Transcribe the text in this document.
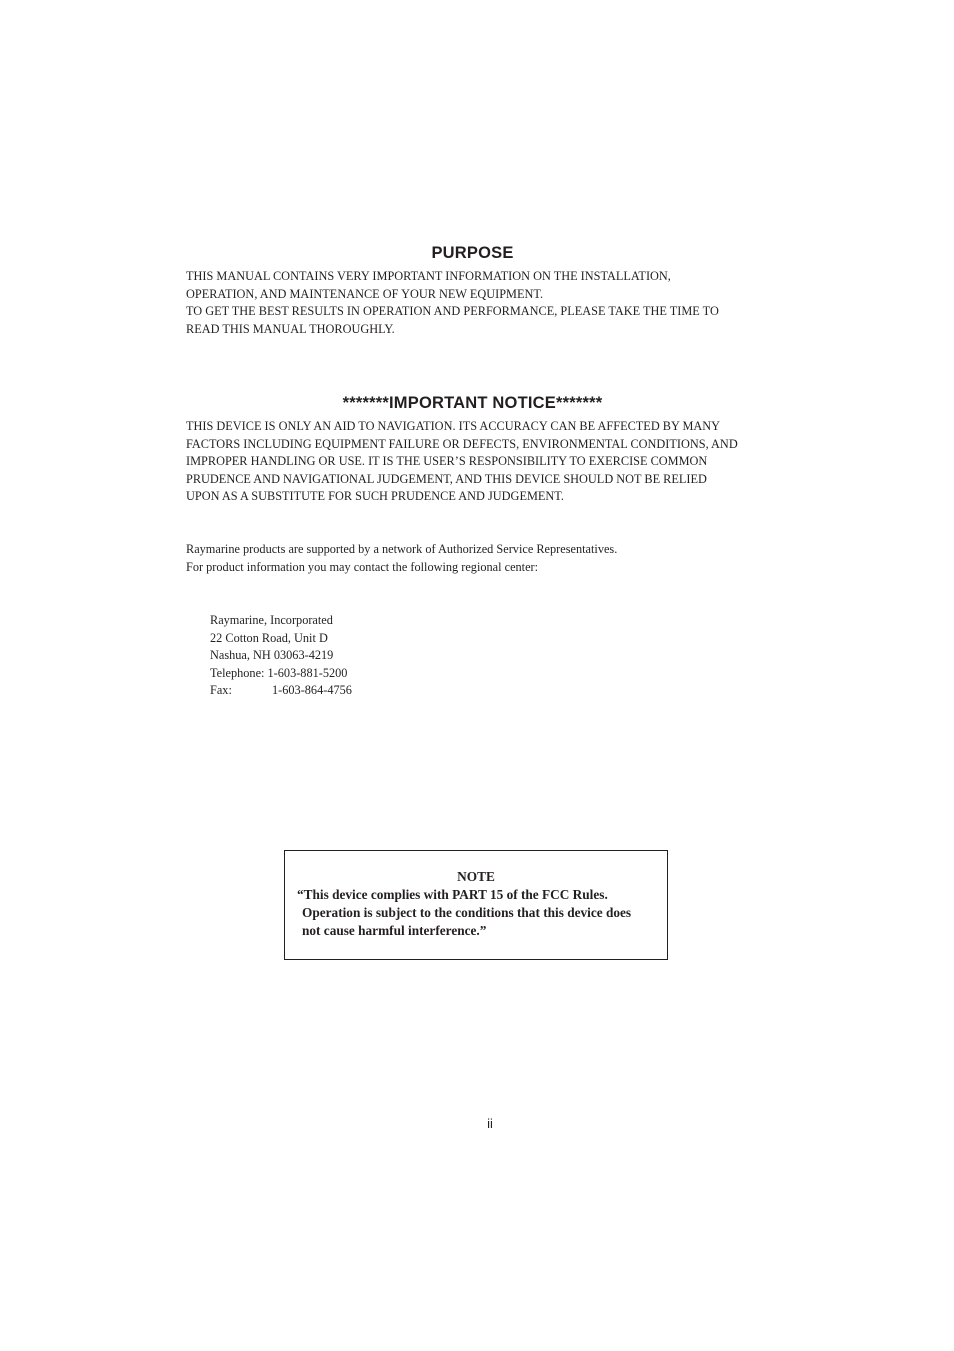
PURPOSE
THIS MANUAL CONTAINS VERY IMPORTANT INFORMATION ON THE INSTALLATION,
OPERATION, AND MAINTENANCE OF YOUR NEW EQUIPMENT.
TO GET THE BEST RESULTS IN OPERATION AND PERFORMANCE, PLEASE TAKE THE TIME TO
READ THIS MANUAL THOROUGHLY.
*******IMPORTANT NOTICE*******
THIS DEVICE IS ONLY AN AID TO NAVIGATION. ITS ACCURACY CAN BE AFFECTED BY MANY
FACTORS INCLUDING EQUIPMENT FAILURE OR DEFECTS, ENVIRONMENTAL CONDITIONS, AND
IMPROPER HANDLING OR USE. IT IS THE USER’S RESPONSIBILITY TO EXERCISE COMMON
PRUDENCE AND NAVIGATIONAL JUDGEMENT, AND THIS DEVICE SHOULD NOT BE RELIED
UPON AS A SUBSTITUTE FOR SUCH PRUDENCE AND JUDGEMENT.
Raymarine products are supported by a network of Authorized Service Representatives.
For product information you may contact the following regional center:
Raymarine, Incorporated
22 Cotton Road, Unit D
Nashua, NH 03063-4219
Telephone: 1-603-881-5200
Fax:	1-603-864-4756
NOTE
“This device complies with PART 15 of the FCC Rules.
Operation is subject to the conditions that this device does
not cause harmful interference.”
ii
